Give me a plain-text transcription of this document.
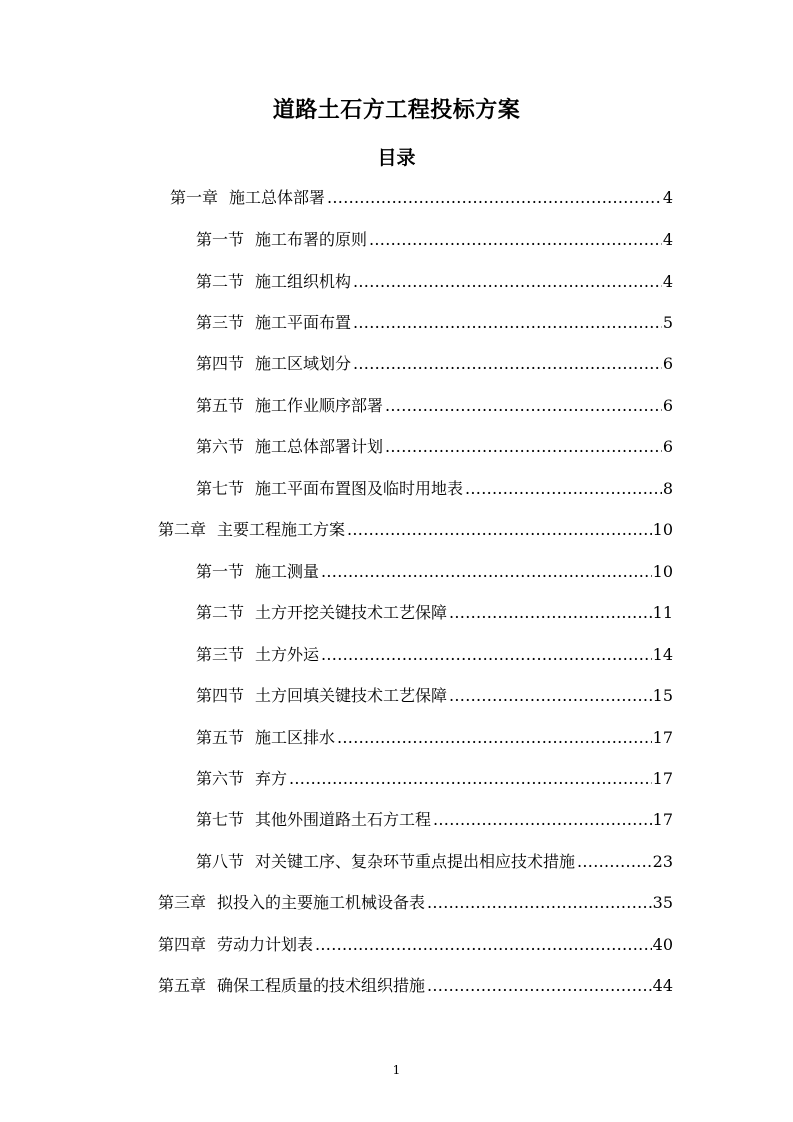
道路土石方工程投标方案
目录
第一章 施工总体部署 .....	4
第一节 施工布署的原则 .....	4
第二节 施工组织机构 .....	4
第三节 施工平面布置 .....	5
第四节 施工区域划分 .....	6
第五节 施工作业顺序部署 .....	6
第六节 施工总体部署计划 .....	6
第七节 施工平面布置图及临时用地表 .....	8
第二章 主要工程施工方案 .....	10
第一节 施工测量 .....	10
第二节 土方开挖关键技术工艺保障 .....	11
第三节 土方外运 .....	14
第四节 土方回填关键技术工艺保障 .....	15
第五节 施工区排水 .....	17
第六节 弃方 .....	17
第七节 其他外围道路土石方工程 .....	17
第八节 对关键工序、复杂环节重点提出相应技术措施 .....	23
第三章 拟投入的主要施工机械设备表 .....	35
第四章 劳动力计划表 .....	40
第五章 确保工程质量的技术组织措施 .....	44
1
